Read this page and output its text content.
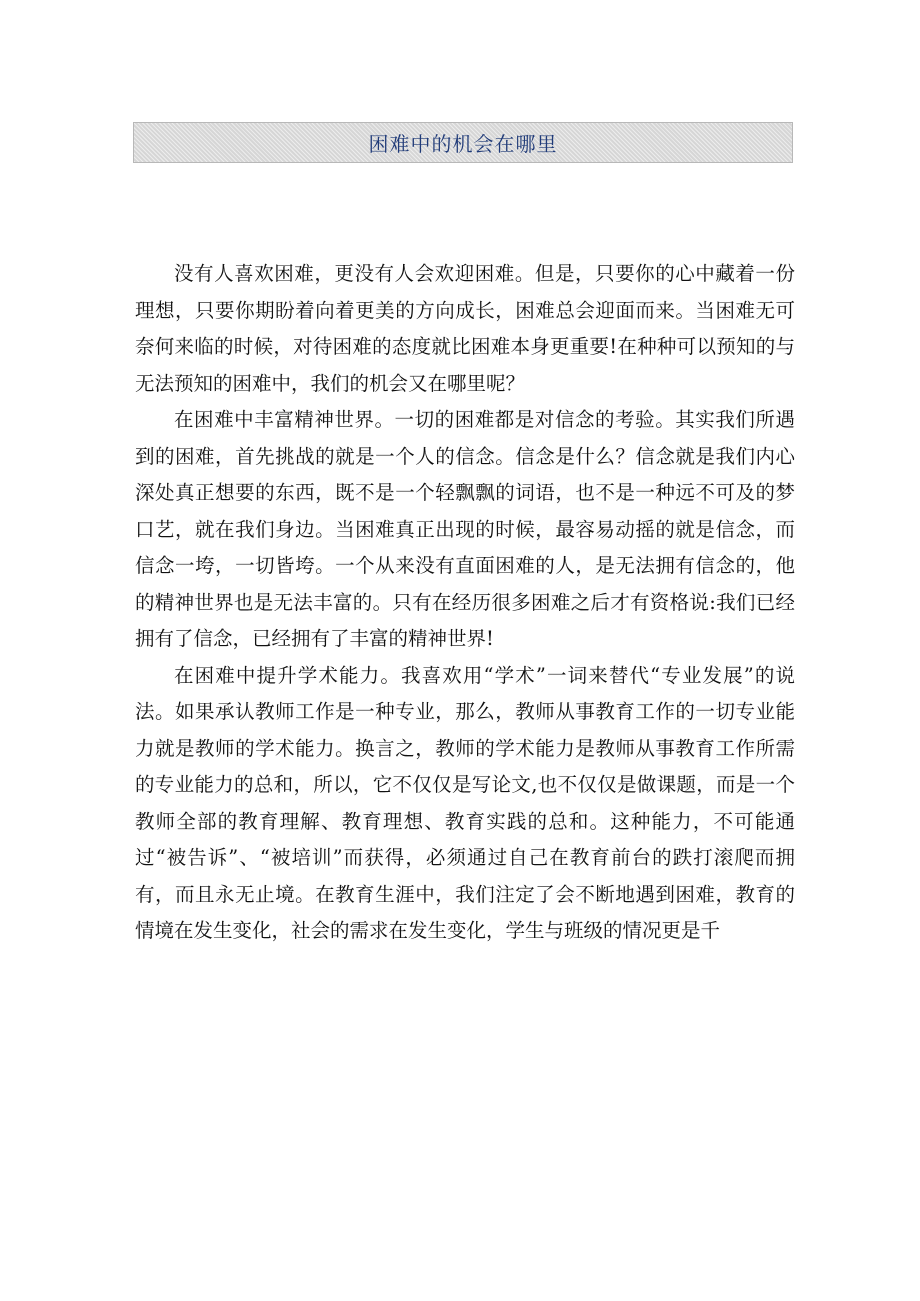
困难中的机会在哪里

没有人喜欢困难，更没有人会欢迎困难。但是，只要你的心中藏着一份理想，只要你期盼着向着更美的方向成长，困难总会迎面而来。当困难无可奈何来临的时候，对待困难的态度就比困难本身更重要!在种种可以预知的与无法预知的困难中，我们的机会又在哪里呢？

在困难中丰富精神世界。一切的困难都是对信念的考验。其实我们所遇到的困难，首先挑战的就是一个人的信念。信念是什么？信念就是我们内心深处真正想要的东西，既不是一个轻飘飘的词语，也不是一种远不可及的梦口艺，就在我们身边。当困难真正出现的时候，最容易动摇的就是信念，而信念一垮，一切皆垮。一个从来没有直面困难的人，是无法拥有信念的，他的精神世界也是无法丰富的。只有在经历很多困难之后才有资格说:我们已经拥有了信念，已经拥有了丰富的精神世界!

在困难中提升学术能力。我喜欢用“学术”一词来替代“专业发展”的说法。如果承认教师工作是一种专业，那么，教师从事教育工作的一切专业能力就是教师的学术能力。换言之，教师的学术能力是教师从事教育工作所需的专业能力的总和，所以，它不仅仅是写论文,也不仅仅是做课题，而是一个教师全部的教育理解、教育理想、教育实践的总和。这种能力，不可能通过“被告诉”、“被培训”而获得，必须通过自己在教育前台的跌打滚爬而拥有，而且永无止境。在教育生涯中，我们注定了会不断地遇到困难，教育的情境在发生变化，社会的需求在发生变化，学生与班级的情况更是千
